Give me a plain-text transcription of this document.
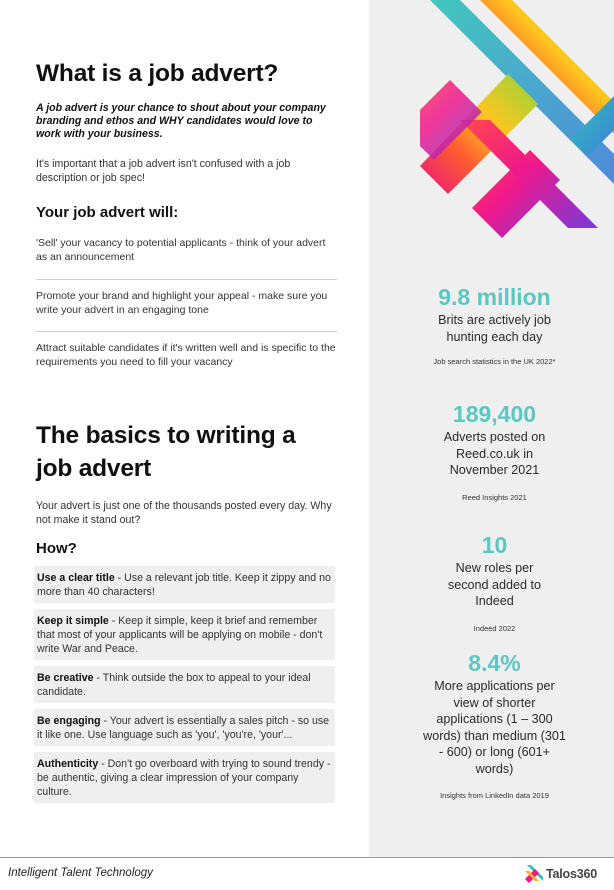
What is a job advert?

A job advert is your chance to shout about your company branding and ethos and WHY candidates would love to work with your business.

It's important that a job advert isn't confused with a job description or job spec!

Your job advert will:
'Sell' your vacancy to potential applicants - think of your advert as an announcement
Promote your brand and highlight your appeal - make sure you write your advert in an engaging tone
Attract suitable candidates if it's written well and is specific to the requirements you need to fill your vacancy
The basics to writing a
job advert

Your advert is just one of the thousands posted every day. Why not make it stand out?

How?
Use a clear title - Use a relevant job title. Keep it zippy and no more than 40 characters!
Keep it simple - Keep it simple, keep it brief and remember that most of your applicants will be applying on mobile - don't write War and Peace.
Be creative - Think outside the box to appeal to your ideal candidate.
Be engaging - Your advert is essentially a sales pitch - so use it like one. Use language such as 'you', 'you're, 'your'...
Authenticity - Don't go overboard with trying to sound trendy - be authentic, giving a clear impression of your company culture.
9.8 million
Brits are actively job hunting each day
Job search statistics in the UK 2022*
189,400
Adverts posted on Reed.co.uk in November 2021
Reed Insights 2021
10
New roles per second added to Indeed
Indeed 2022
8.4%
More applications per view of shorter applications (1 – 300 words) than medium (301 - 600) or long (601+ words)
Insights from LinkedIn data 2019
Intelligent Talent Technology	Talos360
